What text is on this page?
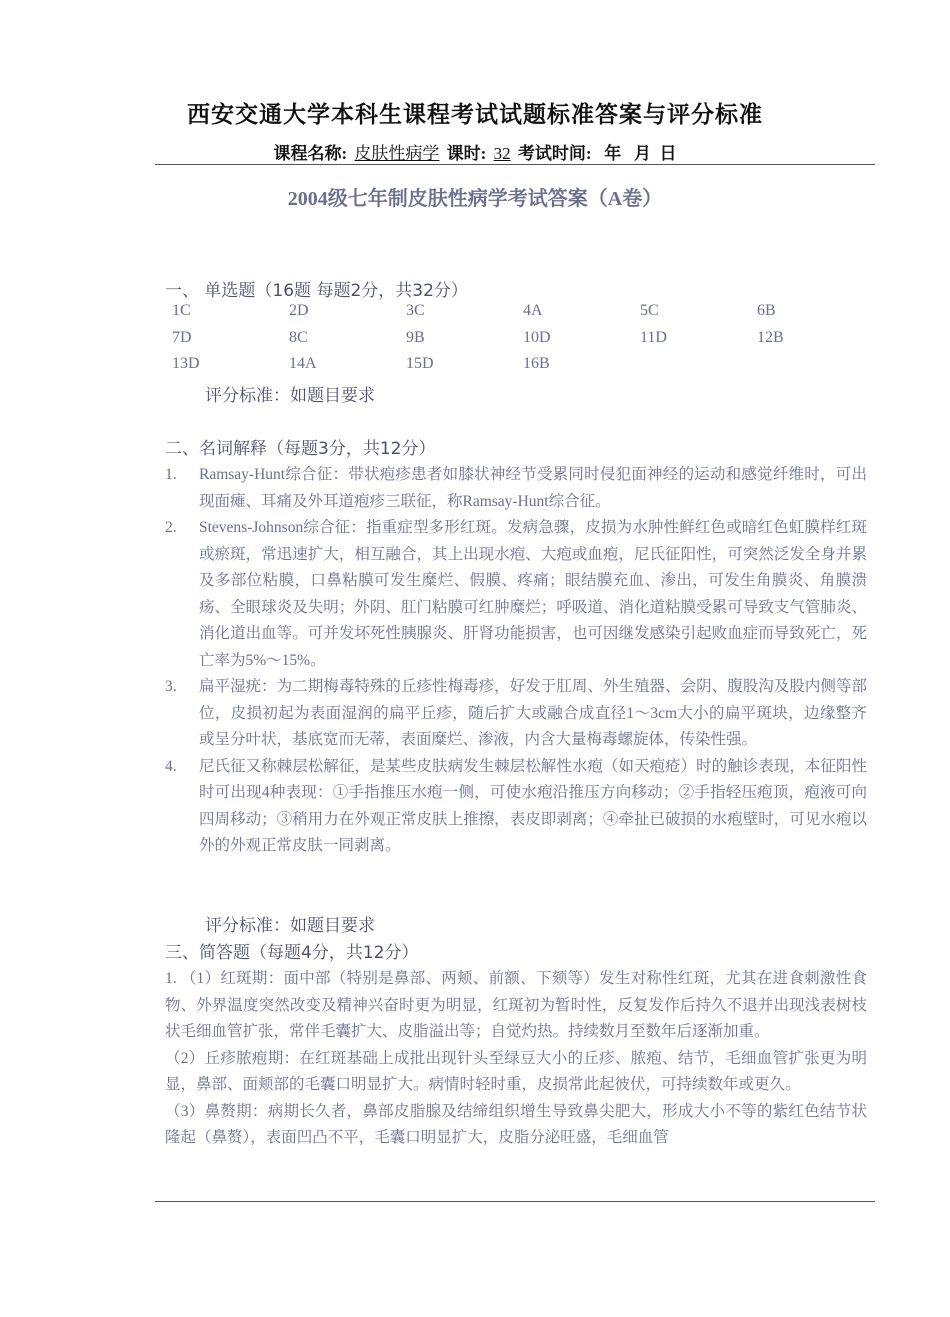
西安交通大学本科生课程考试试题标准答案与评分标准
课程名称: 皮肤性病学 课时: 32 考试时间: 年 月 日
2004级七年制皮肤性病学考试答案（A卷）
一、 单选题（16题 每题2分，共32分）
1C	2D	3C	4A	5C	6B
7D	8C	9B	10D	11D	12B
13D	14A	15D	16B
评分标准：如题目要求
二、名词解释（每题3分，共12分）
1.	Ramsay-Hunt综合征：带状疱疹患者如膝状神经节受累同时侵犯面神经的运动和感觉纤维时，可出现面瘫、耳痛及外耳道疱疹三联征，称Ramsay-Hunt综合征。
2.	Stevens-Johnson综合征：指重症型多形红斑。发病急骤，皮损为水肿性鲜红色或暗红色虹膜样红斑或瘀斑，常迅速扩大，相互融合，其上出现水疱、大疱或血疱，尼氏征阳性，可突然泛发全身并累及多部位粘膜，口鼻粘膜可发生糜烂、假膜、疼痛；眼结膜充血、渗出，可发生角膜炎、角膜溃疡、全眼球炎及失明；外阴、肛门粘膜可红肿糜烂；呼吸道、消化道粘膜受累可导致支气管肺炎、消化道出血等。可并发坏死性胰腺炎、肝肾功能损害，也可因继发感染引起败血症而导致死亡，死亡率为5%～15%。
3.	扁平湿疣：为二期梅毒特殊的丘疹性梅毒疹，好发于肛周、外生殖器、会阴、腹股沟及股内侧等部位，皮损初起为表面湿润的扁平丘疹，随后扩大或融合成直径1～3cm大小的扁平斑块，边缘整齐或呈分叶状，基底宽而无蒂，表面糜烂、渗液，内含大量梅毒螺旋体，传染性强。
4.	尼氏征又称棘层松解征，是某些皮肤病发生棘层松解性水疱（如天疱疮）时的触诊表现，本征阳性时可出现4种表现：①手指推压水疱一侧，可使水疱沿推压方向移动；②手指轻压疱顶，疱液可向四周移动；③稍用力在外观正常皮肤上推擦，表皮即剥离；④牵扯已破损的水疱壁时，可见水疱以外的外观正常皮肤一同剥离。
评分标准：如题目要求
三、简答题（每题4分，共12分）

1. （1）红斑期：面中部（特别是鼻部、两颊、前额、下颏等）发生对称性红斑，尤其在进食刺激性食物、外界温度突然改变及精神兴奋时更为明显，红斑初为暂时性，反复发作后持久不退并出现浅表树枝状毛细血管扩张，常伴毛囊扩大、皮脂溢出等；自觉灼热。持续数月至数年后逐渐加重。

（2）丘疹脓疱期：在红斑基础上成批出现针头至绿豆大小的丘疹、脓疱、结节，毛细血管扩张更为明显，鼻部、面颊部的毛囊口明显扩大。病情时轻时重，皮损常此起彼伏，可持续数年或更久。

（3）鼻赘期：病期长久者，鼻部皮脂腺及结缔组织增生导致鼻尖肥大，形成大小不等的紫红色结节状隆起（鼻赘），表面凹凸不平，毛囊口明显扩大，皮脂分泌旺盛，毛细血管
